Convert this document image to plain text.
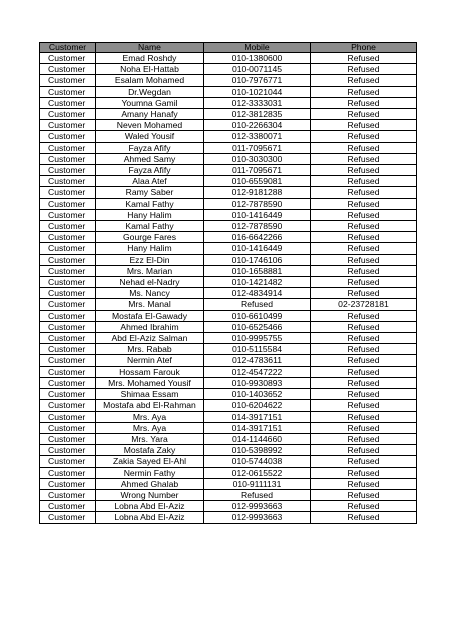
Customer	Name	Mobile	Phone
Customer	Emad Roshdy	010-1380600	Refused
Customer	Noha El-Hattab	010-0071145	Refused
Customer	Esalam Mohamed	010-7976771	Refused
Customer	Dr.Wegdan	010-1021044	Refused
Customer	Youmna Gamil	012-3333031	Refused
Customer	Amany Hanafy	012-3812835	Refused
Customer	Neven Mohamed	010-2266304	Refused
Customer	Waled Yousif	012-3380071	Refused
Customer	Fayza Afify	011-7095671	Refused
Customer	Ahmed Samy	010-3030300	Refused
Customer	Fayza Afify	011-7095671	Refused
Customer	Alaa Atef	010-6559081	Refused
Customer	Ramy Saber	012-9181288	Refused
Customer	Kamal Fathy	012-7878590	Refused
Customer	Hany Halim	010-1416449	Refused
Customer	Kamal Fathy	012-7878590	Refused
Customer	Gourge Fares	016-6642266	Refused
Customer	Hany Halim	010-1416449	Refused
Customer	Ezz El-Din	010-1746106	Refused
Customer	Mrs. Marian	010-1658881	Refused
Customer	Nehad el-Nadry	010-1421482	Refused
Customer	Ms. Nancy	012-4834914	Refused
Customer	Mrs. Manal	Refused	02-23728181
Customer	Mostafa El-Gawady	010-6610499	Refused
Customer	Ahmed Ibrahim	010-6525466	Refused
Customer	Abd El-Aziz Salman	010-9995755	Refused
Customer	Mrs. Rabab	010-5115584	Refused
Customer	Nermin Atef	012-4783611	Refused
Customer	Hossam Farouk	012-4547222	Refused
Customer	Mrs. Mohamed Yousif	010-9930893	Refused
Customer	Shimaa Essam	010-1403652	Refused
Customer	Mostafa abd El-Rahman	010-6204622	Refused
Customer	Mrs. Aya	014-3917151	Refused
Customer	Mrs. Aya	014-3917151	Refused
Customer	Mrs. Yara	014-1144660	Refused
Customer	Mostafa Zaky	010-5398992	Refused
Customer	Zakia Sayed El-Ahl	010-5744038	Refused
Customer	Nermin Fathy	012-0615522	Refused
Customer	Ahmed Ghalab	010-9111131	Refused
Customer	Wrong Number	Refused	Refused
Customer	Lobna Abd El-Aziz	012-9993663	Refused
Customer	Lobna Abd El-Aziz	012-9993663	Refused
